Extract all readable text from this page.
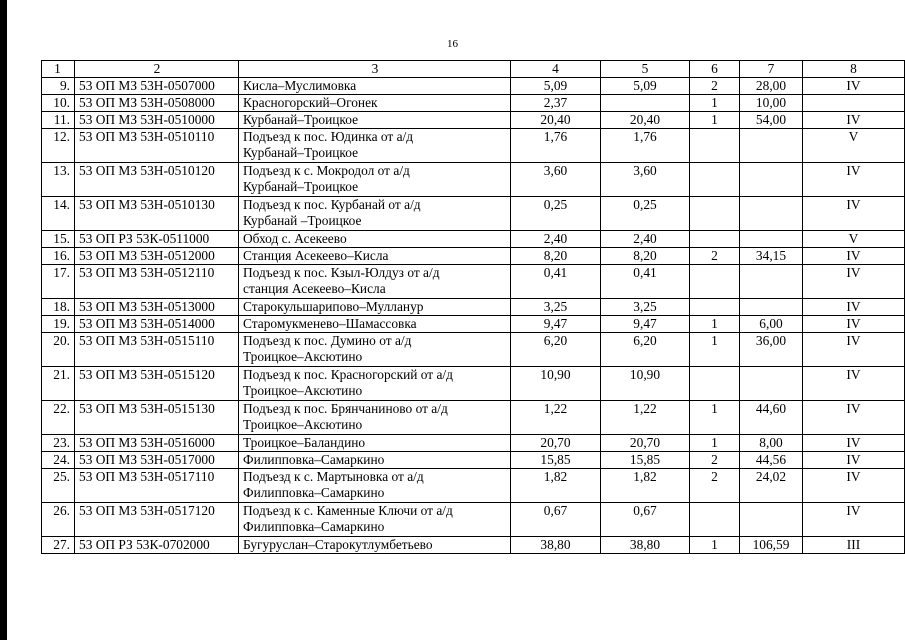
16
1	2	3	4	5	6	7	8
9.	53 ОП МЗ 53Н-0507000	Кисла–Муслимовка	5,09	5,09	2	28,00	IV
10.	53 ОП МЗ 53Н-0508000	Красногорский–Огонек	2,37		1	10,00	
11.	53 ОП МЗ 53Н-0510000	Курбанай–Троицкое	20,40	20,40	1	54,00	IV
12.	53 ОП МЗ 53Н-0510110	Подъезд к пос. Юдинка от а/д
Курбанай–Троицкое	1,76	1,76			V
13.	53 ОП МЗ 53Н-0510120	Подъезд к с. Мокродол от а/д
Курбанай–Троицкое	3,60	3,60			IV
14.	53 ОП МЗ 53Н-0510130	Подъезд к пос. Курбанай от а/д
Курбанай –Троицкое	0,25	0,25			IV
15.	53 ОП РЗ 53К-0511000	Обход с. Асекеево	2,40	2,40			V
16.	53 ОП МЗ 53Н-0512000	Станция Асекеево–Кисла	8,20	8,20	2	34,15	IV
17.	53 ОП МЗ 53Н-0512110	Подъезд к пос. Кзыл-Юлдуз от а/д
станция Асекеево–Кисла	0,41	0,41			IV
18.	53 ОП МЗ 53Н-0513000	Старокульшарипово–Мулланур	3,25	3,25			IV
19.	53 ОП МЗ 53Н-0514000	Старомукменево–Шамассовка	9,47	9,47	1	6,00	IV
20.	53 ОП МЗ 53Н-0515110	Подъезд к пос. Думино от а/д
Троицкое–Аксютино	6,20	6,20	1	36,00	IV
21.	53 ОП МЗ 53Н-0515120	Подъезд к пос. Красногорский от а/д
Троицкое–Аксютино	10,90	10,90			IV
22.	53 ОП МЗ 53Н-0515130	Подъезд к пос. Брянчаниново от а/д
Троицкое–Аксютино	1,22	1,22	1	44,60	IV
23.	53 ОП МЗ 53Н-0516000	Троицкое–Баландино	20,70	20,70	1	8,00	IV
24.	53 ОП МЗ 53Н-0517000	Филипповка–Самаркино	15,85	15,85	2	44,56	IV
25.	53 ОП МЗ 53Н-0517110	Подъезд к с. Мартыновка от а/д
Филипповка–Самаркино	1,82	1,82	2	24,02	IV
26.	53 ОП МЗ 53Н-0517120	Подъезд к с. Каменные Ключи от а/д
Филипповка–Самаркино	0,67	0,67			IV
27.	53 ОП РЗ 53К-0702000	Бугуруслан–Старокутлумбетьево	38,80	38,80	1	106,59	III
